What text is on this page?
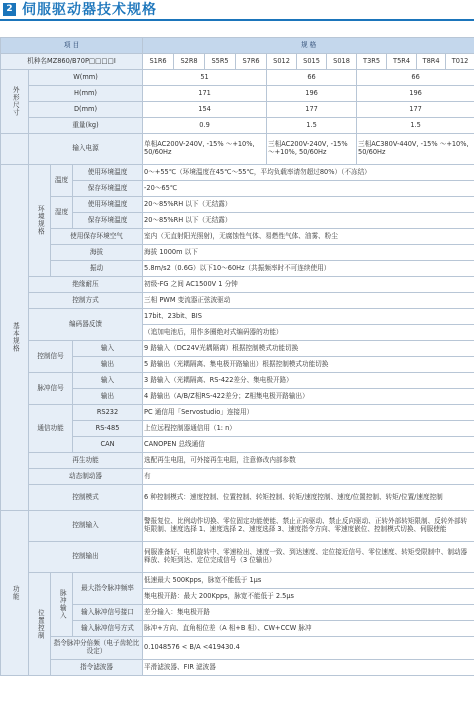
2 伺服驱动器技术规格
项 目				规 格										
机种名MZ860/B70P□□□□I				S1R6	S2R8	S5R5	S7R6	S012	S015	S018	T3R5	T5R4	T8R4	T012
外形尺寸	W(mm)			51				66			66			
	H(mm)			171				196			196			
	D(mm)			154				177			177			
	重量(kg)			0.9				1.5			1.5			
	输入电源			单相AC200V-240V, -15% ～+10%, 50/60Hz				三相AC200V-240V, -15% ～+10%, 50/60Hz			三相AC380V-440V, -15% ～+10%, 50/60Hz			
基本规格	环境规格	温度	使用环境温度	0～+55℃（环境温度在45℃～55℃，平均负载率请勿超过80%）（不冻结）										
			保存环境温度	-20～65℃										
		湿度	使用环境温度	20～85%RH 以下（无结露）										
			保存环境温度	20～85%RH 以下（无结露）										
		使用保存环境空气		室内（无直射阳光照射)，无腐蚀性气体、易燃性气体、油雾、粉尘										
		海拔		海拔 1000m 以下										
		振动		5.8m/s2（0.6G）以下10～60Hz（共振频率时不可连续使用）										
	绝缘耐压			初级-FG 之间 AC1500V 1 分钟										
	控制方式			三相 PWM 变流器正弦波驱动										
	编码器反馈			17bit、23bit、BIS										
				（追加电池后，用作多圈绝对式编码器的功能）										
	控制信号		输入	9 路输入（DC24V光耦隔离）根据控制模式功能切换										
			输出	5 路输出（光耦隔离、集电极开路输出）根据控制模式功能切换										
	脉冲信号		输入	3 路输入（光耦隔离、RS-422差分、集电极开路）										
			输出	4 路输出（A/B/Z相RS-422差分；Z相集电极开路输出）										
	通信功能		RS232	PC 通信用「Servostudio」连接用）										
			RS-485	上位远程控制器通信用（1: n）										
			CAN	CANOPEN 总线通信										
	再生功能			选配再生电阻，可外接再生电阻，注意修改内部参数										
	动态制动器			有										
	控制模式			6 种控制模式：速度控制、位置控制、转矩控制、转矩/速度控制、速度/位置控制、转矩/位置/速度控制										
功能	控制输入			警报复位、比例动作切换、零位固定功能使能、禁止正向驱动、禁止反向驱动、正转外部转矩限制、反转外部转矩限制、速度选择 1、速度选择 2、速度选择 3、速度指令方向、零速度嵌位、控制模式切换、伺服使能										
	控制输出			伺服准备好、电机旋转中、零速检出、速度一致、到达速度、定位接近信号、零位速度、转矩受限制中、制动器释放、转矩到达、定位完成信号（3 位输出）										
	位置控制	脉冲输入	最大指令脉冲频率	低速最大 500Kpps，脉宽不能低于 1μs										
				集电极开路：最大 200Kpps，脉宽不能低于 2.5μs										
			输入脉冲信号接口	差分输入：集电极开路										
			输入脉冲信号方式	脉冲+方向、直角相位差（A 相+B 相）、CW+CCW 脉冲										
		指令脉冲分倍频（电子齿轮比设定）		0.1048576 < B/A <419430.4										
		指令滤波器		平滑滤波器、FIR 滤波器										
